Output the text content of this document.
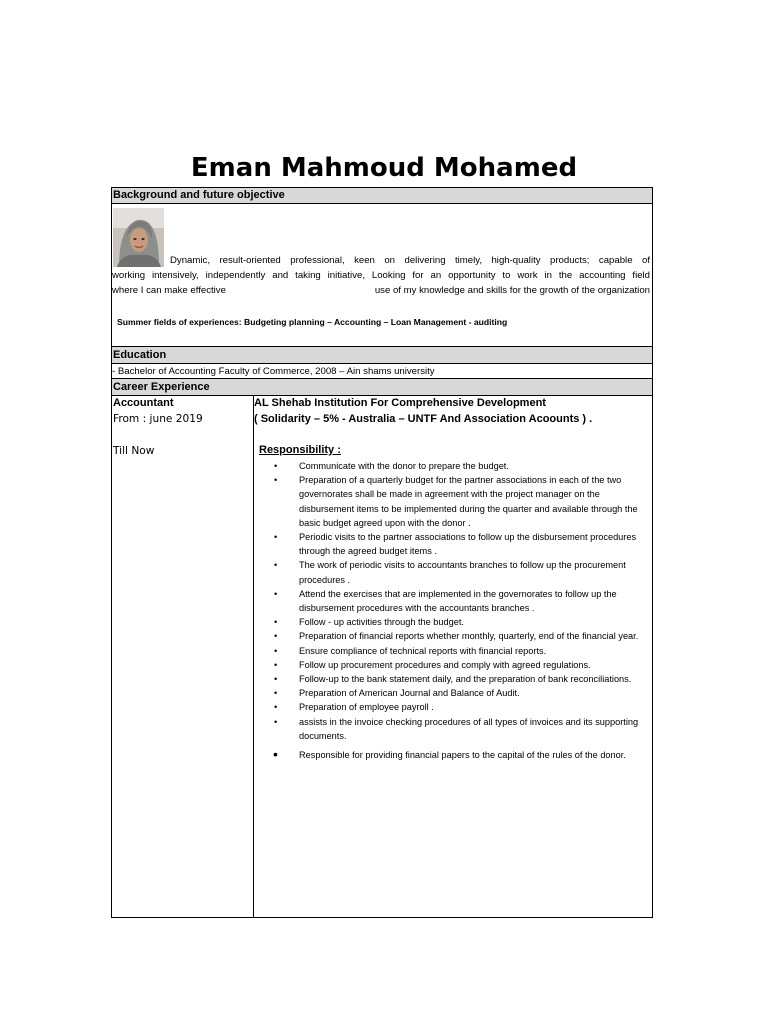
Eman Mahmoud Mohamed
Background and future objective
Dynamic, result-oriented professional, keen on delivering timely, high-quality products; capable of
working intensively, independently and taking initiative, Looking for an opportunity to work in the accounting field
where I can make effective	use of my knowledge and skills for the growth of the organization
Summer fields of experiences: Budgeting planning – Accounting – Loan Management - auditing
Education
- Bachelor of Accounting Faculty of Commerce, 2008 – Ain shams university
Career Experience
Accountant
From : june 2019
Till Now
AL Shehab Institution For Comprehensive Development
( Solidarity – 5% - Australia – UNTF And Association Acoounts ) .
Responsibility :
• Communicate with the donor to prepare the budget.
• Preparation of a quarterly budget for the partner associations in each of the two governorates shall be made in agreement with the project manager on the disbursement items to be implemented during the quarter and available through the basic budget agreed upon with the donor .
• Periodic visits to the partner associations to follow up the disbursement procedures through the agreed budget items .
• The work of periodic visits to accountants branches to follow up the procurement procedures .
• Attend the exercises that are implemented in the governorates to follow up the disbursement procedures with the accountants branches .
• Follow - up activities through the budget.
• Preparation of financial reports whether monthly, quarterly, end of the financial year.
• Ensure compliance of technical reports with financial reports.
• Follow up procurement procedures and comply with agreed regulations.
• Follow-up to the bank statement daily, and the preparation of bank reconciliations.
• Preparation of American Journal and Balance of Audit.
• Preparation of employee payroll .
• assists in the invoice checking procedures of all types of invoices and its supporting documents.
• Responsible for providing financial papers to the capital of the rules of the donor.
